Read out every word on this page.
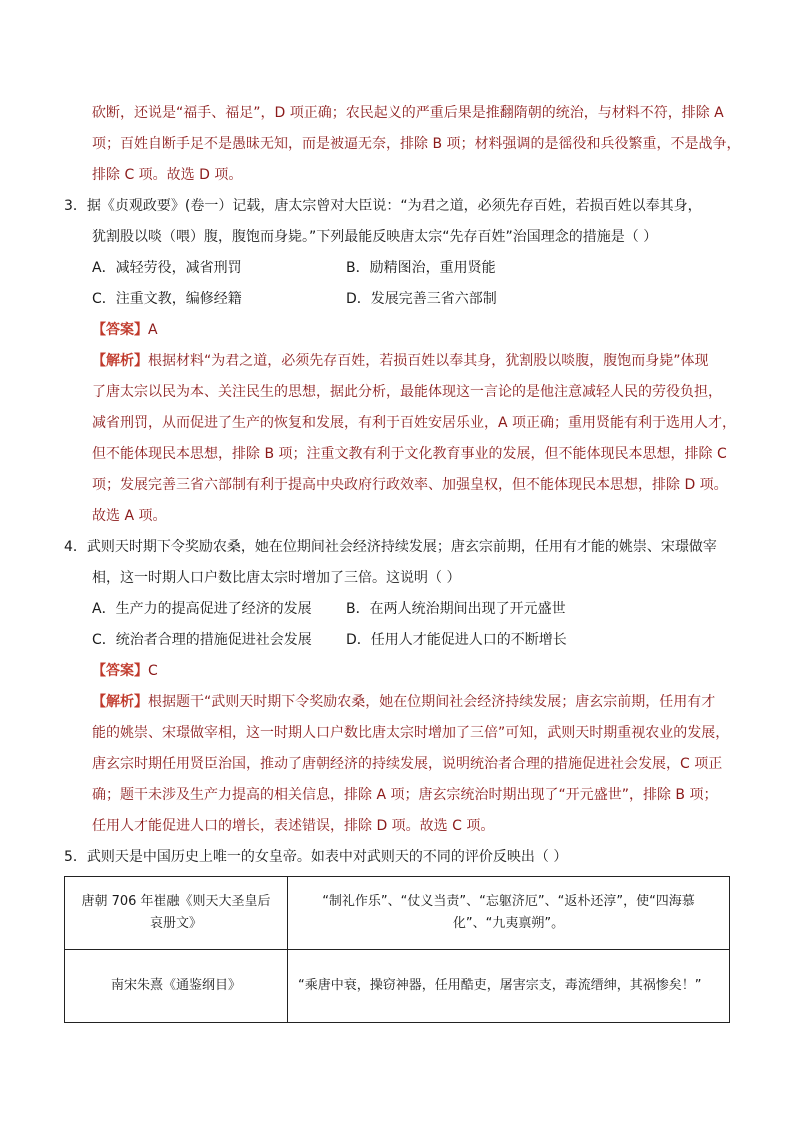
砍断，还说是“福手、福足”，D 项正确；农民起义的严重后果是推翻隋朝的统治，与材料不符，排除 A
项；百姓自断手足不是愚昧无知，而是被逼无奈，排除 B 项；材料强调的是徭役和兵役繁重，不是战争，
排除 C 项。故选 D 项。
3．据《贞观政要》(卷一）记载，唐太宗曾对大臣说：“为君之道，必须先存百姓，若损百姓以奉其身，
犹割股以啖（喂）腹，腹饱而身毙。”下列最能反映唐太宗“先存百姓”治国理念的措施是（ ）
A．减轻劳役，减省刑罚	B．励精图治，重用贤能
C．注重文教，编修经籍	D．发展完善三省六部制
【答案】A
【解析】根据材料“为君之道，必须先存百姓，若损百姓以奉其身，犹割股以啖腹，腹饱而身毙”体现
了唐太宗以民为本、关注民生的思想，据此分析，最能体现这一言论的是他注意减轻人民的劳役负担，
减省刑罚，从而促进了生产的恢复和发展，有利于百姓安居乐业，A 项正确；重用贤能有利于选用人才，
但不能体现民本思想，排除 B 项；注重文教有利于文化教育事业的发展，但不能体现民本思想，排除 C
项；发展完善三省六部制有利于提高中央政府行政效率、加强皇权，但不能体现民本思想，排除 D 项。
故选 A 项。
4．武则天时期下令奖励农桑，她在位期间社会经济持续发展；唐玄宗前期，任用有才能的姚崇、宋璟做宰
相，这一时期人口户数比唐太宗时增加了三倍。这说明（ ）
A．生产力的提高促进了经济的发展 B．在两人统治期间出现了开元盛世
C．统治者合理的措施促进社会发展 D．任用人才能促进人口的不断增长
【答案】C
【解析】根据题干“武则天时期下令奖励农桑，她在位期间社会经济持续发展；唐玄宗前期，任用有才
能的姚崇、宋璟做宰相，这一时期人口户数比唐太宗时增加了三倍”可知，武则天时期重视农业的发展，
唐玄宗时期任用贤臣治国，推动了唐朝经济的持续发展，说明统治者合理的措施促进社会发展，C 项正
确；题干未涉及生产力提高的相关信息，排除 A 项；唐玄宗统治时期出现了“开元盛世”，排除 B 项；
任用人才能促进人口的增长，表述错误，排除 D 项。故选 C 项。
5．武则天是中国历史上唯一的女皇帝。如表中对武则天的不同的评价反映出（ ）
唐朝 706 年崔融《则天大圣皇后哀册文》	“制礼作乐”、“仗义当责”、“忘躯济厄”、“返朴还淳”，使“四海慕化”、“九夷禀朔”。
南宋朱熹《通鉴纲目》	“乘唐中衰，操窃神器，任用酷吏，屠害宗支，毒流缙绅，其祸惨矣！”
